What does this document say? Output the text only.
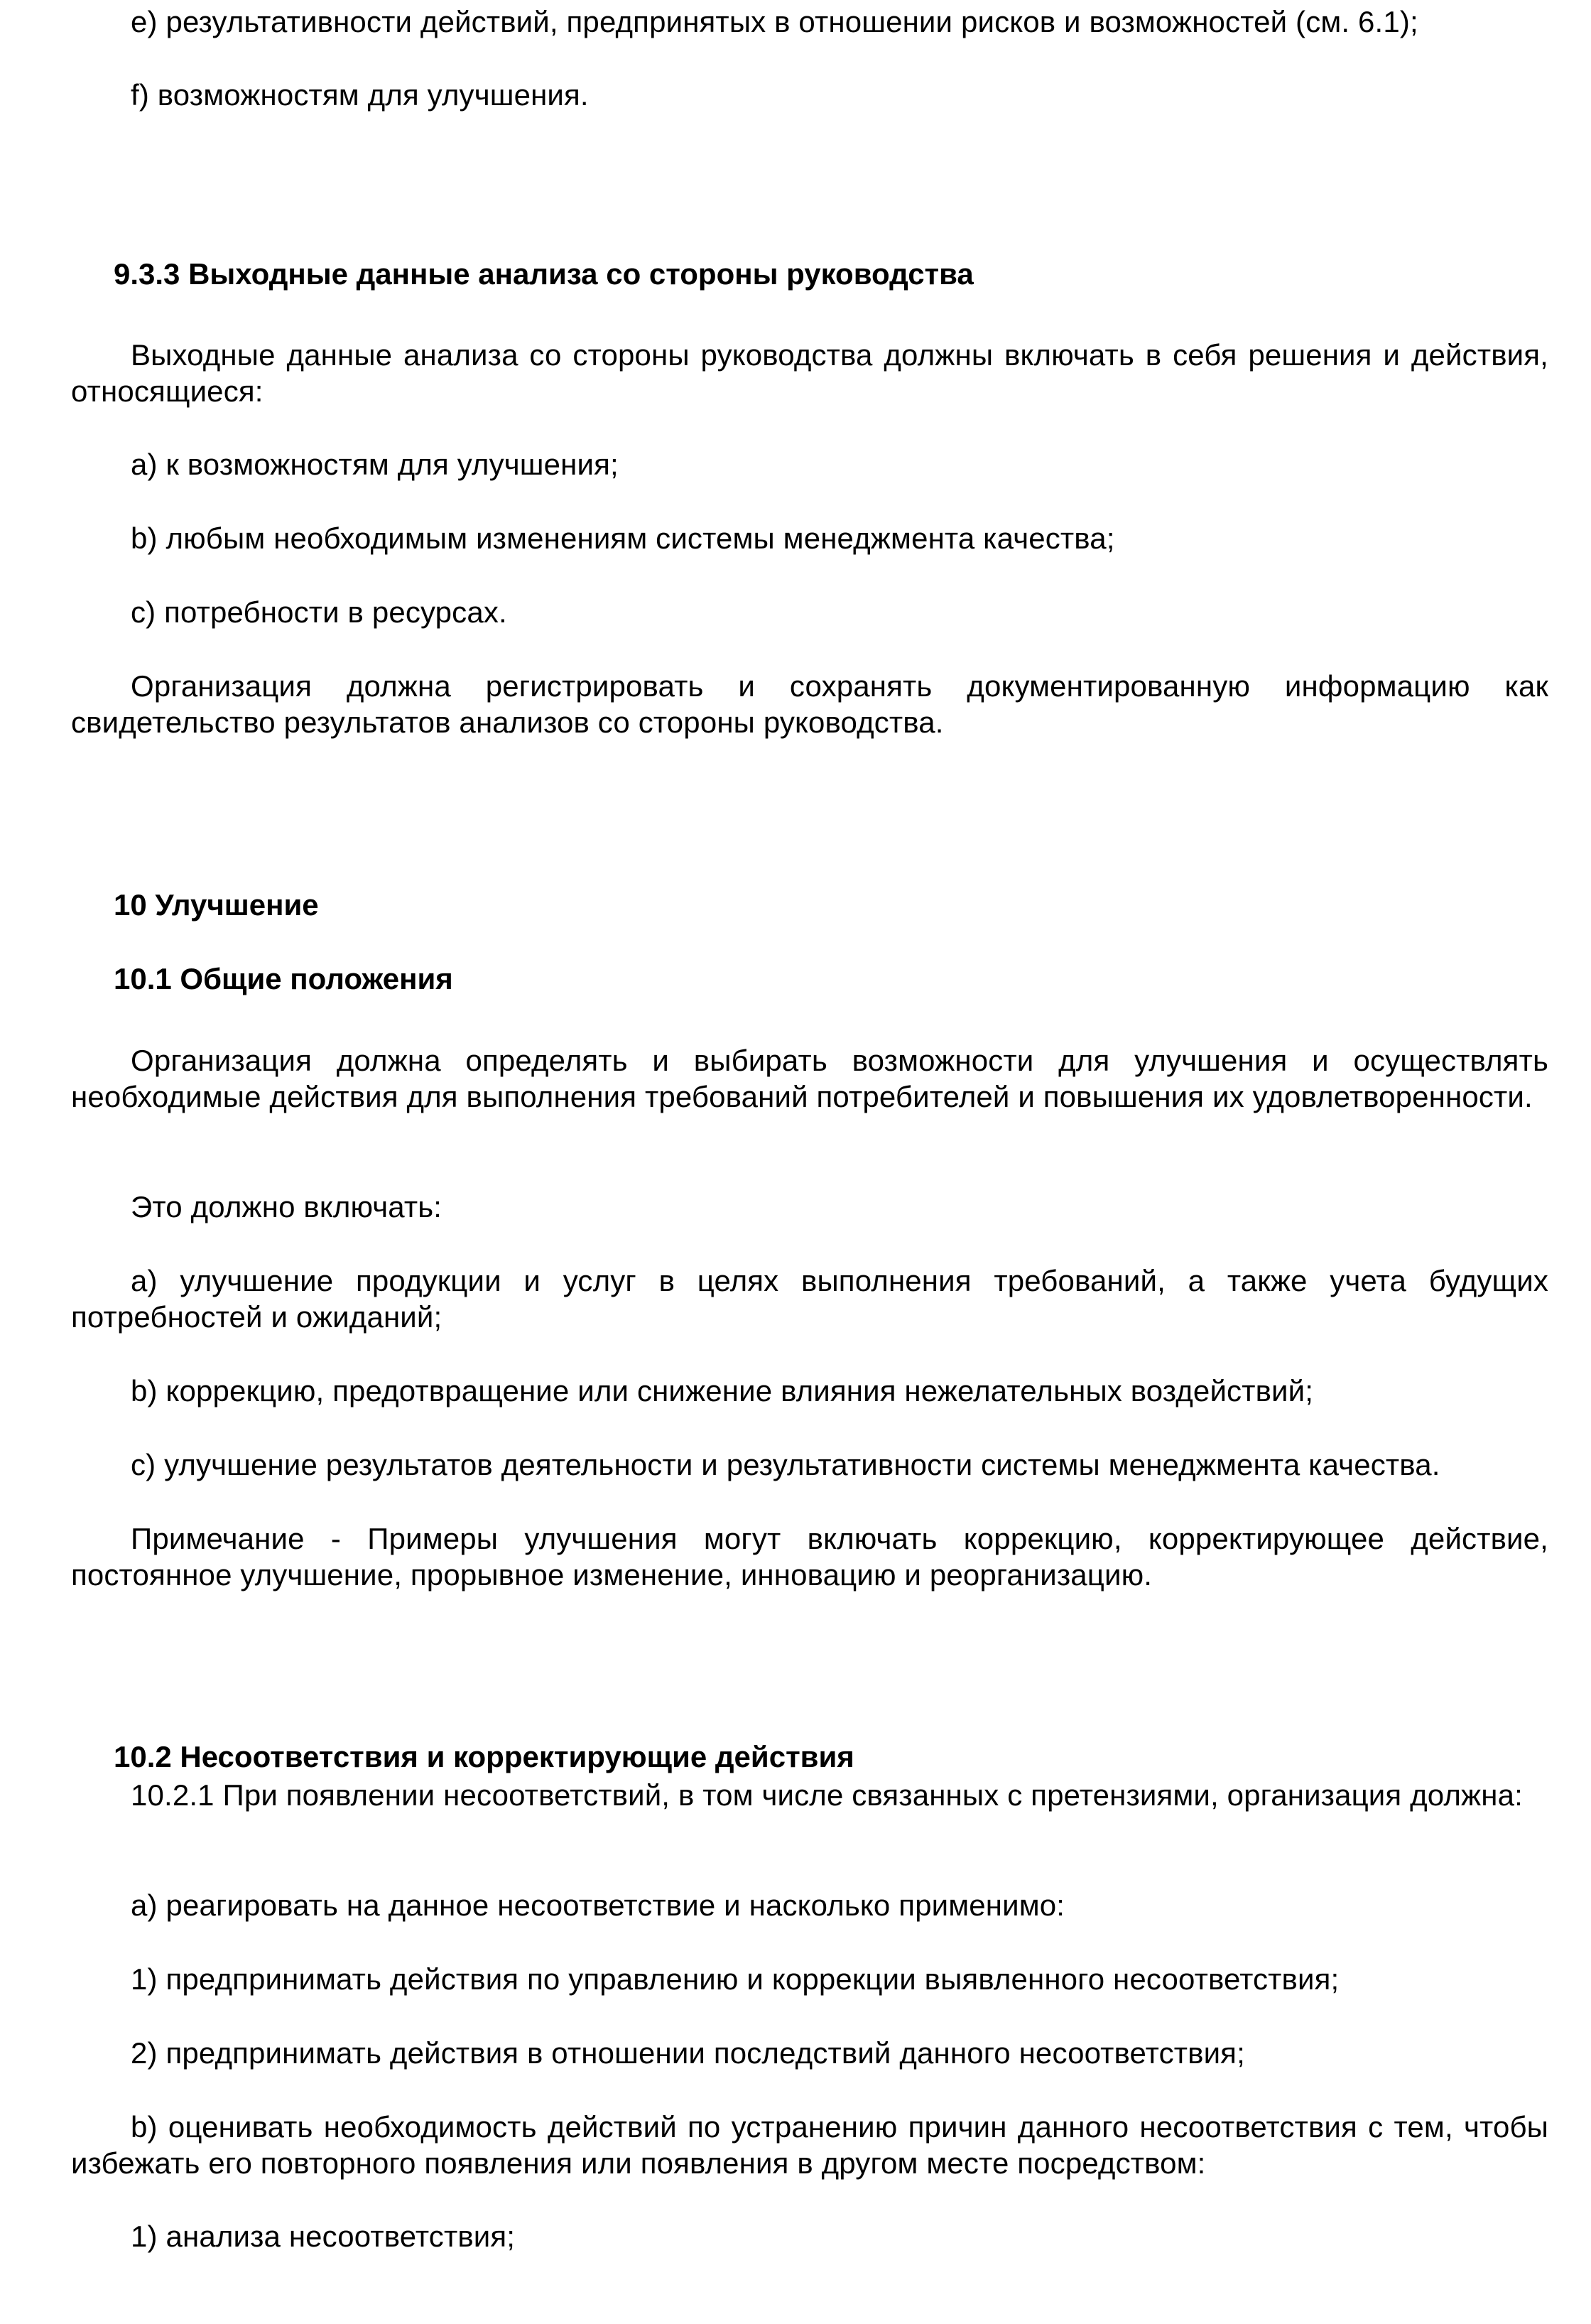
e) результативности действий, предпринятых в отношении рисков и возможностей (см. 6.1);

f) возможностям для улучшения.

9.3.3 Выходные данные анализа со стороны руководства

Выходные данные анализа со стороны руководства должны включать в себя решения и действия, относящиеся:

a) к возможностям для улучшения;

b) любым необходимым изменениям системы менеджмента качества;

c) потребности в ресурсах.

Организация должна регистрировать и сохранять документированную информацию как свидетельство результатов анализов со стороны руководства.

10 Улучшение
10.1 Общие положения

Организация должна определять и выбирать возможности для улучшения и осуществлять необходимые действия для выполнения требований потребителей и повышения их удовлетворенности.

Это должно включать:

a) улучшение продукции и услуг в целях выполнения требований, а также учета будущих потребностей и ожиданий;

b) коррекцию, предотвращение или снижение влияния нежелательных воздействий;

c) улучшение результатов деятельности и результативности системы менеджмента качества.

Примечание - Примеры улучшения могут включать коррекцию, корректирующее действие, постоянное улучшение, прорывное изменение, инновацию и реорганизацию.

10.2 Несоответствия и корректирующие действия

10.2.1 При появлении несоответствий, в том числе связанных с претензиями, организация должна:

a) реагировать на данное несоответствие и насколько применимо:

1) предпринимать действия по управлению и коррекции выявленного несоответствия;

2) предпринимать действия в отношении последствий данного несоответствия;

b) оценивать необходимость действий по устранению причин данного несоответствия с тем, чтобы избежать его повторного появления или появления в другом месте посредством:

1) анализа несоответствия;
